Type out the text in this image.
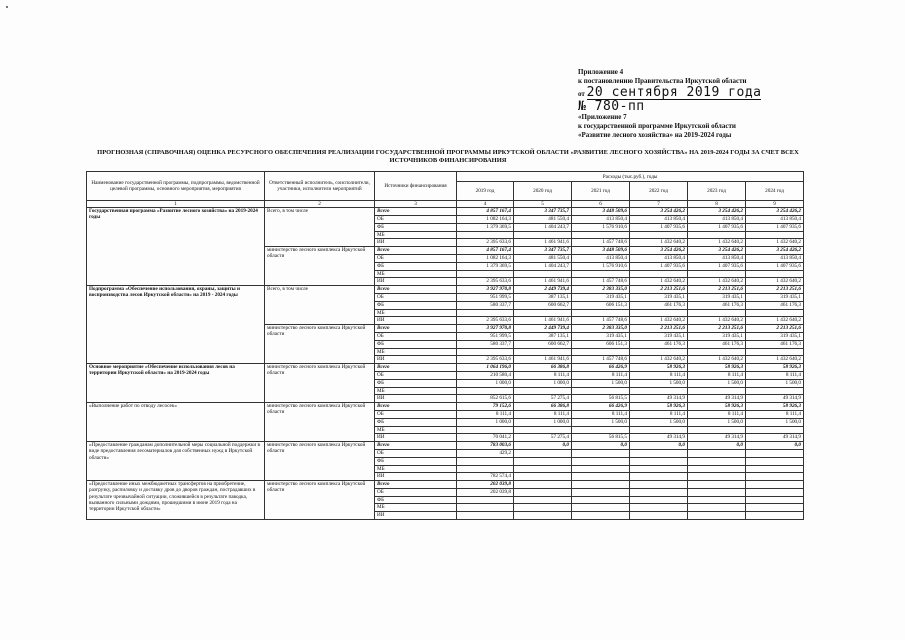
Приложение 4
к постановлению Правительства Иркутской области
от 20 сентября 2019 года
№ 780-пп
«Приложение 7
к государственной программе Иркутской области
«Развитие лесного хозяйства» на 2019-2024 годы
ПРОГНОЗНАЯ (СПРАВОЧНАЯ) ОЦЕНКА РЕСУРСНОГО ОБЕСПЕЧЕНИЯ РЕАЛИЗАЦИИ ГОСУДАРСТВЕННОЙ ПРОГРАММЫ ИРКУТСКОЙ ОБЛАСТИ «РАЗВИТИЕ ЛЕСНОГО ХОЗЯЙСТВА» НА 2019-2024 ГОДЫ ЗА СЧЕТ ВСЕХ ИСТОЧНИКОВ ФИНАНСИРОВАНИЯ
Наименование государственной программы, подпрограммы, ведомственной целевой программы, основного мероприятия, мероприятия	Ответственный исполнитель, соисполнители, участники, исполнители мероприятий	Источники финансирования	Расходы (тыс.руб.), годы					
			2019 год	2020 год	2021 год	2022 год	2023 год	2024 год
1	2	3	4	5	6	7	8	9
Государственная программа «Развитие лесного хозяйства» на 2019-2024 годы	Всего, в том числе	Всего	4 857 167,4	3 347 735,7	3 448 509,6	3 254 426,2	3 254 426,2	3 254 426,2
		ОБ	1 082 164,3	481 550,4	413 850,4	413 850,4	413 850,4	413 850,4
		ФБ	1 379 369,5	1 404 243,7	1 576 910,6	1 407 935,6	1 407 935,6	1 407 935,6
		МБ						
		ИИ	2 395 633,6	1 461 941,6	1 457 748,6	1 432 640,2	1 432 640,2	1 432 640,2
	министерство лесного комплекса Иркутской области	Всего	4 857 167,4	3 347 735,7	3 448 509,6	3 254 426,2	3 254 426,2	3 254 426,2
		ОБ	1 082 164,3	481 550,4	413 850,4	413 850,4	413 850,4	413 850,4
		ФБ	1 379 369,5	1 404 243,7	1 576 910,6	1 407 935,6	1 407 935,6	1 407 935,6
		МБ						
		ИИ	2 395 633,6	1 461 941,6	1 457 748,6	1 432 640,2	1 432 640,2	1 432 640,2
Подпрограмма «Обеспечение использования, охраны, защиты и воспроизводства лесов Иркутской области» на 2019 - 2024 годы	Всего, в том числе	Всего	3 927 970,8	2 449 739,4	2 383 335,0	2 213 251,6	2 213 251,6	2 213 251,6
		ОБ	951 999,5	387 135,1	319 435,1	319 435,1	319 435,1	319 435,1
		ФБ	580 337,7	600 662,7	606 151,3	461 176,3	461 176,3	461 176,3
		МБ						
		ИИ	2 395 633,6	1 461 941,6	1 457 748,6	1 432 640,2	1 432 640,2	1 432 640,2
	министерство лесного комплекса Иркутской области	Всего	3 927 970,8	2 449 739,4	2 383 335,0	2 213 251,6	2 213 251,6	2 213 251,6
		ОБ	951 999,5	387 135,1	319 435,1	319 435,1	319 435,1	319 435,1
		ФБ	580 337,7	600 662,7	606 151,3	461 176,3	461 176,3	461 176,3
		МБ						
		ИИ	2 395 633,6	1 461 941,6	1 457 748,6	1 432 640,2	1 432 640,2	1 432 640,2
Основное мероприятие «Обеспечение использования лесов на территории Иркутской области» на 2019-2024 годы	министерство лесного комплекса Иркутской области	Всего	1 064 196,0	66 386,8	66 426,9	58 926,3	58 926,3	58 926,3
		ОБ	210 580,4	8 111,4	8 111,4	8 111,4	8 111,4	8 111,4
		ФБ	1 000,0	1 000,0	1 500,0	1 500,0	1 500,0	1 500,0
		МБ						
		ИИ	852 615,6	57 275,4	56 815,5	49 314,9	49 314,9	49 314,9
«Выполнение работ по отводу лесосек»	министерство лесного комплекса Иркутской области	Всего	79 152,6	66 386,8	66 426,9	58 926,3	58 926,3	58 926,3
		ОБ	8 111,4	8 111,4	8 111,4	8 111,4	8 111,4	8 111,4
		ФБ	1 000,0	1 000,0	1 500,0	1 500,0	1 500,0	1 500,0
		МБ						
		ИИ	70 041,2	57 275,4	56 815,5	49 314,9	49 314,9	49 314,9
«Предоставление гражданам дополнительной меры социальной поддержки в виде предоставления лесоматериалов для собственных нужд в Иркутской области»	министерство лесного комплекса Иркутской области	Всего	783 003,6	0,0	0,0	0,0	0,0	0,0
		ОБ	429,2					
		ФБ						
		МБ						
		ИИ	782 574,4					
«Предоставление иных межбюджетных трансфертов на приобретение, разгрузку, распиловку и доставку дров до дворов граждан, пострадавших в результате чрезвычайной ситуации, сложившейся в результате паводка, вызванного сильными дождями, прошедшими в июне 2019 года на территории Иркутской области»	министерство лесного комплекса Иркутской области	Всего	202 039,8					
		ОБ	202 039,8					
		ФБ						
		МБ						
		ИИ						
